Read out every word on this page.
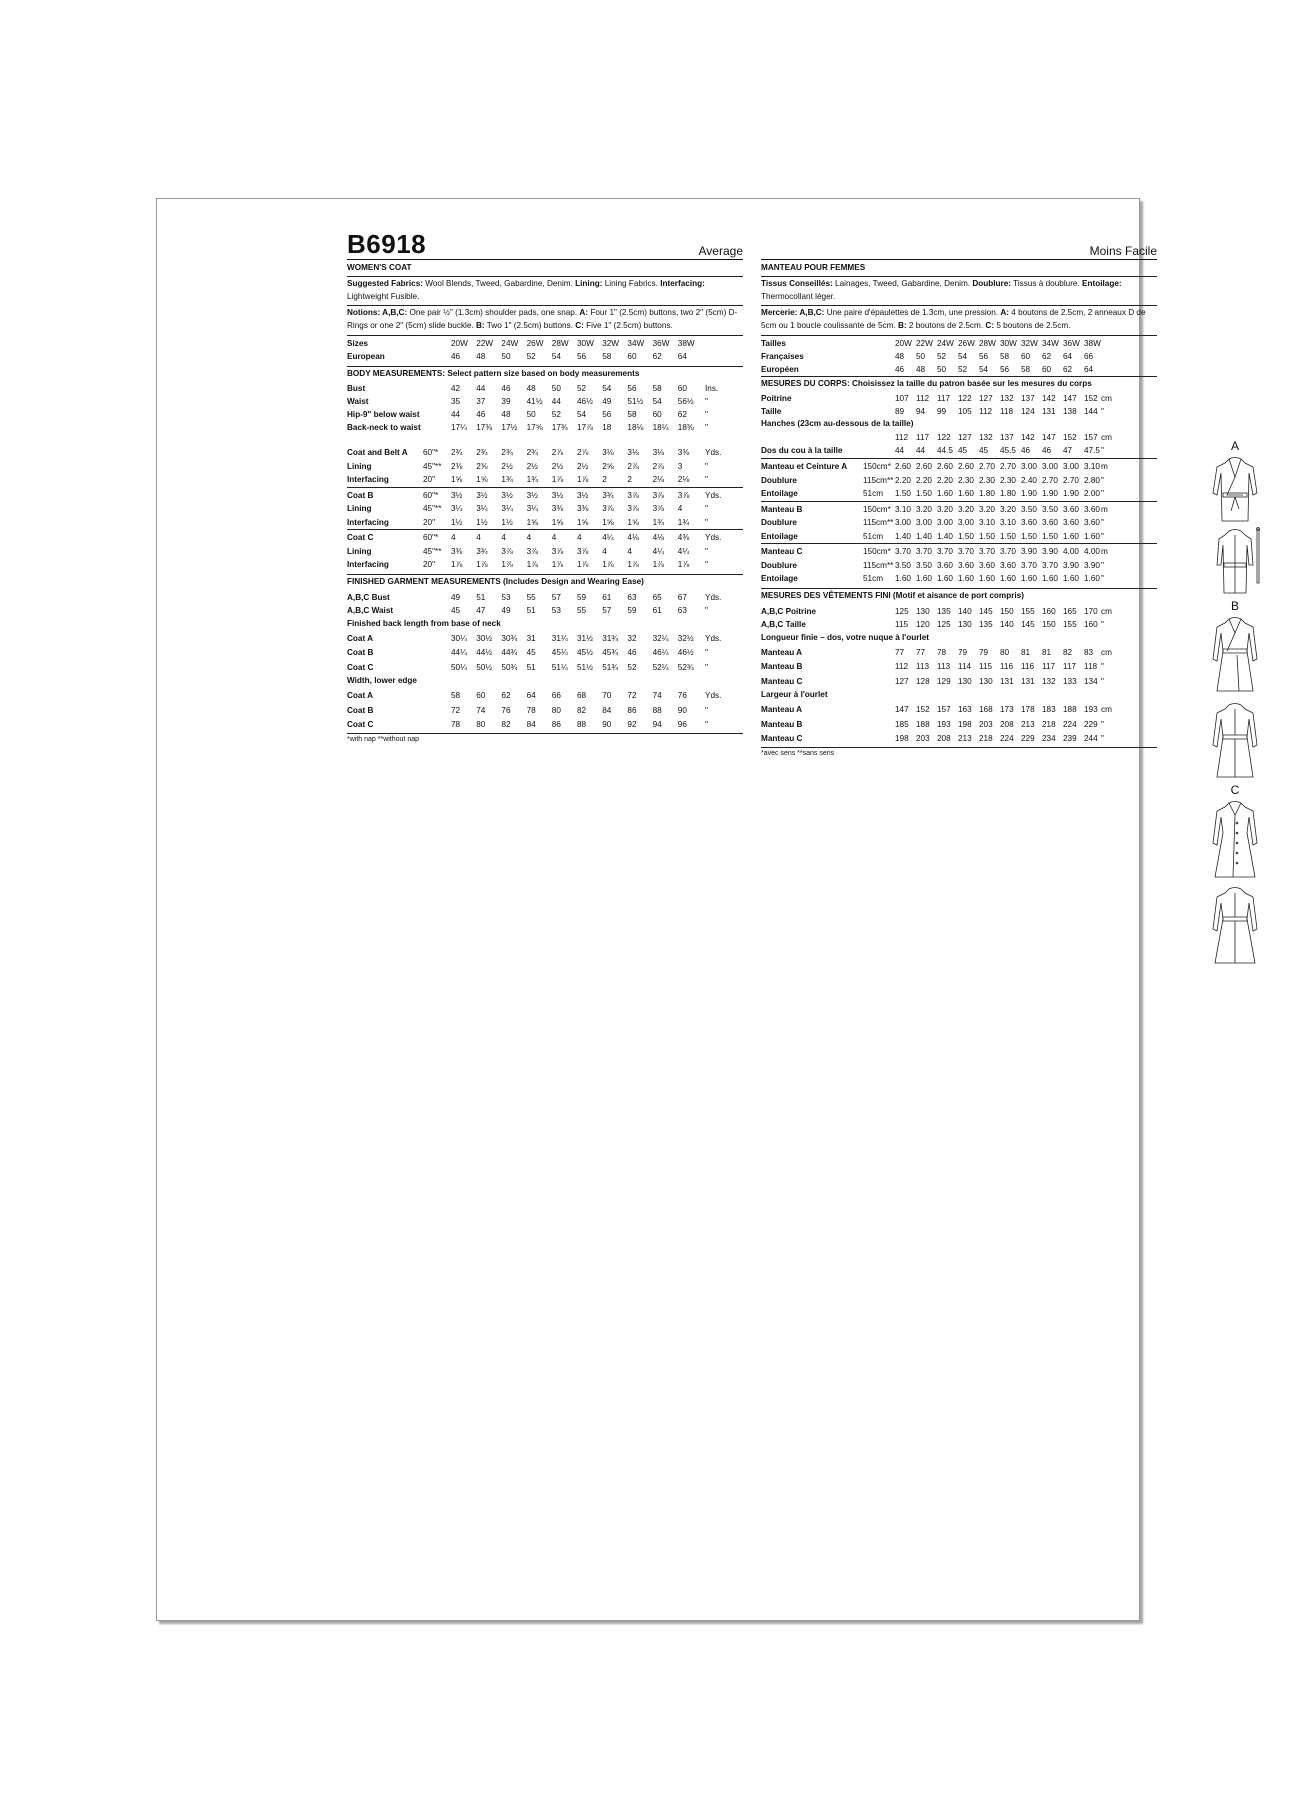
B6918	Average
WOMEN'S COAT
Suggested Fabrics: Wool Blends, Tweed, Gabardine, Denim. Lining: Lining Fabrics. Interfacing: Lightweight Fusible.
Notions: A,B,C: One pair ½" (1.3cm) shoulder pads, one snap. A: Four 1" (2.5cm) buttons, two 2" (5cm) D-Rings or one 2" (5cm) slide buckle. B: Two 1" (2.5cm) buttons. C: Five 1" (2.5cm) buttons.
Sizes	20W	22W	24W	26W	28W	30W	32W	34W	36W	38W
European	46	48	50	52	54	56	58	60	62	64
BODY MEASUREMENTS: Select pattern size based on body measurements
Bust	42	44	46	48	50	52	54	56	58	60	Ins.
Waist	35	37	39	41½	44	46½	49	51½	54	56½	"
Hip-9" below waist	44	46	48	50	52	54	56	58	60	62	"
Back-neck to waist	17¼	17⅜	17½	17⅝	17¾	17⅞	18	18⅛	18¼	18⅜	"
Coat and Belt A 60"* 2¾	2¾	2¾	2¾	2⅞	2⅞	3⅛	3⅛	3⅛	3⅜	Yds.
Lining	45"** 2⅜	2⅜	2½	2½	2½	2½	2⅝	2⅞	2⅞	3	"
Interfacing	20" 1⅝	1⅝	1¾	1¾	1⅞	1⅞	2	2	2⅛	2⅛	"
Coat B	60"* 3½	3½	3½	3½	3½	3½	3¾	3⅞	3⅞	3⅞	Yds.
Lining	45"** 3¼	3¼	3¼	3¼	3⅜	3⅜	3⅞	3⅞	3⅞	4	"
Interfacing	20" 1½	1½	1½	1⅝	1⅝	1⅝	1⅝	1⅝	1¾	1¾	"
Coat C	60"* 4	4	4	4	4	4	4¼	4⅛	4⅛	4⅜	Yds.
Lining	45"** 3⅜	3¾	3⅞	3⅞	3⅞	3⅞	4	4	4¼	4¼	"
Interfacing	20" 1⅞	1⅞	1⅞	1⅞	1⅞	1⅞	1⅞	1⅞	1⅞	1⅞	"
FINISHED GARMENT MEASUREMENTS (Includes Design and Wearing Ease)
A,B,C Bust	49	51	53	55	57	59	61	63	65	67	Yds.
A,B,C Waist	45	47	49	51	53	55	57	59	61	63	"
Finished back length from base of neck
Coat A	30¼	30½	30¾	31	31¼	31½	31¾	32	32¼	32½	Yds.
Coat B	44¼	44½	44¾	45	45¼	45½	45¾	46	46¼	46½	"
Coat C	50¼	50½	50¾	51	51¼	51½	51¾	52	52¼	52¾	"
Width, lower edge
Coat A	58	60	62	64	66	68	70	72	74	76	Yds.
Coat B	72	74	76	78	80	82	84	86	88	90	"
Coat C	78	80	82	84	86	88	90	92	94	96	"
*with nap **without nap
Moins Facile
MANTEAU POUR FEMMES
Tissus Conseillés: Lainages, Tweed, Gabardine, Denim. Doublure: Tissus à doublure. Entoilage: Thermocollant léger.
Mercerie: A,B,C: Une paire d'épaulettes de 1.3cm, une pression. A: 4 boutons de 2.5cm, 2 anneaux D de 5cm ou 1 boucle coulissante de 5cm. B: 2 boutons de 2.5cm. C: 5 boutons de 2.5cm.
Tailles	20W 22W 24W 26W 28W 30W 32W 34W 36W 38W
Françaises	48	50	52	54	56	58	60	62	64	66
Européen	46	48	50	52	54	56	58	60	62	64
MESURES DU CORPS: Choisissez la taille du patron basée sur les mesures du corps
Poitrine	107 112 117 122 127 132 137 142 147 152 cm
Taille	89	94	99	105 112 118 124 131 138 144 "
Hanches (23cm au-dessous de la taille)
112 117 122 127 132 137 142 147 152 157 cm
Dos du cou à la taille	44	44	44.5 45	45	45.5 46	46	47	47.5 "
Manteau et Ceinture A 150cm* 2.60 2.60 2.60 2.60 2.70 2.70 3.00 3.00 3.00 3.10 m
Doublure	115cm** 2.20 2.20 2.20 2.30 2.30 2.30 2.40 2.70 2.70 2.80 "
Entoilage	51cm 1.50 1.50 1.60 1.60 1.80 1.80 1.90 1.90 1.90 2.00 "
Manteau B	150cm* 3.10 3.20 3.20 3.20 3.20 3.20 3.50 3.50 3.60 3.60 m
Doublure	115cm** 3.00 3.00 3.00 3.00 3.10 3.10 3.60 3.60 3.60 3.60 "
Entoilage	51cm 1.40 1.40 1.40 1.50 1.50 1.50 1.50 1.50 1.60 1.60 "
Manteau C	150cm* 3.70 3.70 3.70 3.70 3.70 3.70 3.90 3.90 4.00 4.00 m
Doublure	115cm** 3.50 3.50 3.60 3.60 3.60 3.60 3.70 3.70 3.90 3.90 "
Entoilage	51cm 1.60 1.60 1.60 1.60 1.60 1.60 1.60 1.60 1.60 1.60 "
MESURES DES VÊTEMENTS FINI (Motif et aisance de port compris)
A,B,C Poitrine	125 130 135 140 145 150 155 160 165 170 cm
A,B,C Taille	115 120 125 130 135 140 145 150 155 160 "
Longueur finie – dos, votre nuque à l'ourlet
Manteau A	77	77	78	79	79	80	81	81	82	83 cm
Manteau B	112 113 113 114 115 116 116 117 117 118 "
Manteau C	127 128 129 130 130 131 131 132 133 134 "
Largeur à l'ourlet
Manteau A	147 152 157 163 168 173 178 183 188 193 cm
Manteau B	185 188 193 198 203 208 213 218 224 229 "
Manteau C	198 203 208 213 218 224 229 234 239 244 "
*avec sens **sans sens
A
B
C
